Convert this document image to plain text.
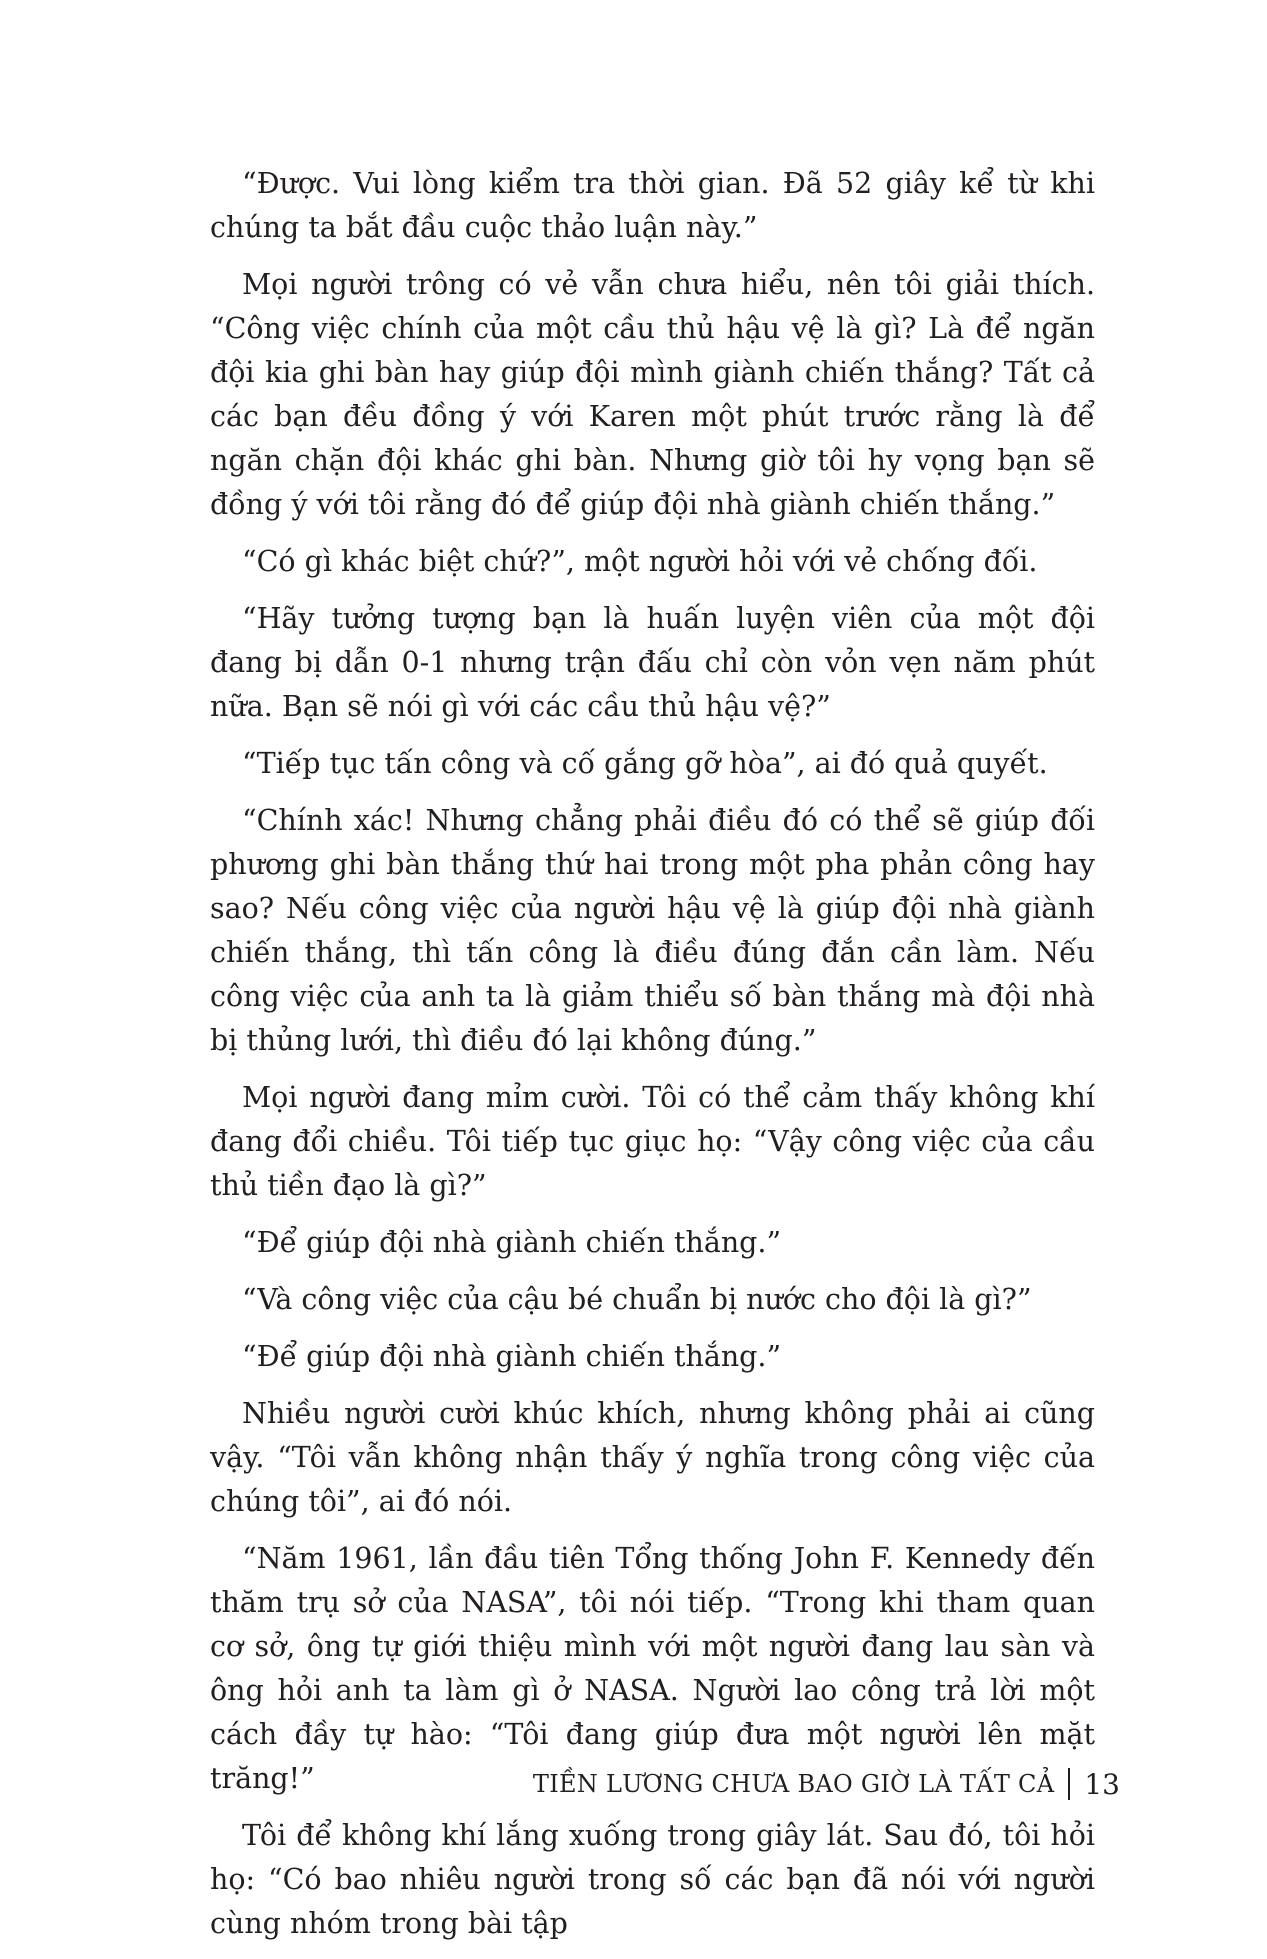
“Được. Vui lòng kiểm tra thời gian. Đã 52 giây kể từ khi chúng ta bắt đầu cuộc thảo luận này.”

Mọi người trông có vẻ vẫn chưa hiểu, nên tôi giải thích. “Công việc chính của một cầu thủ hậu vệ là gì? Là để ngăn đội kia ghi bàn hay giúp đội mình giành chiến thắng? Tất cả các bạn đều đồng ý với Karen một phút trước rằng là để ngăn chặn đội khác ghi bàn. Nhưng giờ tôi hy vọng bạn sẽ đồng ý với tôi rằng đó để giúp đội nhà giành chiến thắng.”

“Có gì khác biệt chứ?”, một người hỏi với vẻ chống đối.

“Hãy tưởng tượng bạn là huấn luyện viên của một đội đang bị dẫn 0-1 nhưng trận đấu chỉ còn vỏn vẹn năm phút nữa. Bạn sẽ nói gì với các cầu thủ hậu vệ?”

“Tiếp tục tấn công và cố gắng gỡ hòa”, ai đó quả quyết.

“Chính xác! Nhưng chẳng phải điều đó có thể sẽ giúp đối phương ghi bàn thắng thứ hai trong một pha phản công hay sao? Nếu công việc của người hậu vệ là giúp đội nhà giành chiến thắng, thì tấn công là điều đúng đắn cần làm. Nếu công việc của anh ta là giảm thiểu số bàn thắng mà đội nhà bị thủng lưới, thì điều đó lại không đúng.”

Mọi người đang mỉm cười. Tôi có thể cảm thấy không khí đang đổi chiều. Tôi tiếp tục giục họ: “Vậy công việc của cầu thủ tiền đạo là gì?”

“Để giúp đội nhà giành chiến thắng.”

“Và công việc của cậu bé chuẩn bị nước cho đội là gì?”

“Để giúp đội nhà giành chiến thắng.”

Nhiều người cười khúc khích, nhưng không phải ai cũng vậy. “Tôi vẫn không nhận thấy ý nghĩa trong công việc của chúng tôi”, ai đó nói.

“Năm 1961, lần đầu tiên Tổng thống John F. Kennedy đến thăm trụ sở của NASA”, tôi nói tiếp. “Trong khi tham quan cơ sở, ông tự giới thiệu mình với một người đang lau sàn và ông hỏi anh ta làm gì ở NASA. Người lao công trả lời một cách đầy tự hào: “Tôi đang giúp đưa một người lên mặt trăng!”

Tôi để không khí lắng xuống trong giây lát. Sau đó, tôi hỏi họ: “Có bao nhiêu người trong số các bạn đã nói với người cùng nhóm trong bài tập

TIỀN LƯƠNG CHƯA BAO GIỜ LÀ TẤT CẢ 13
